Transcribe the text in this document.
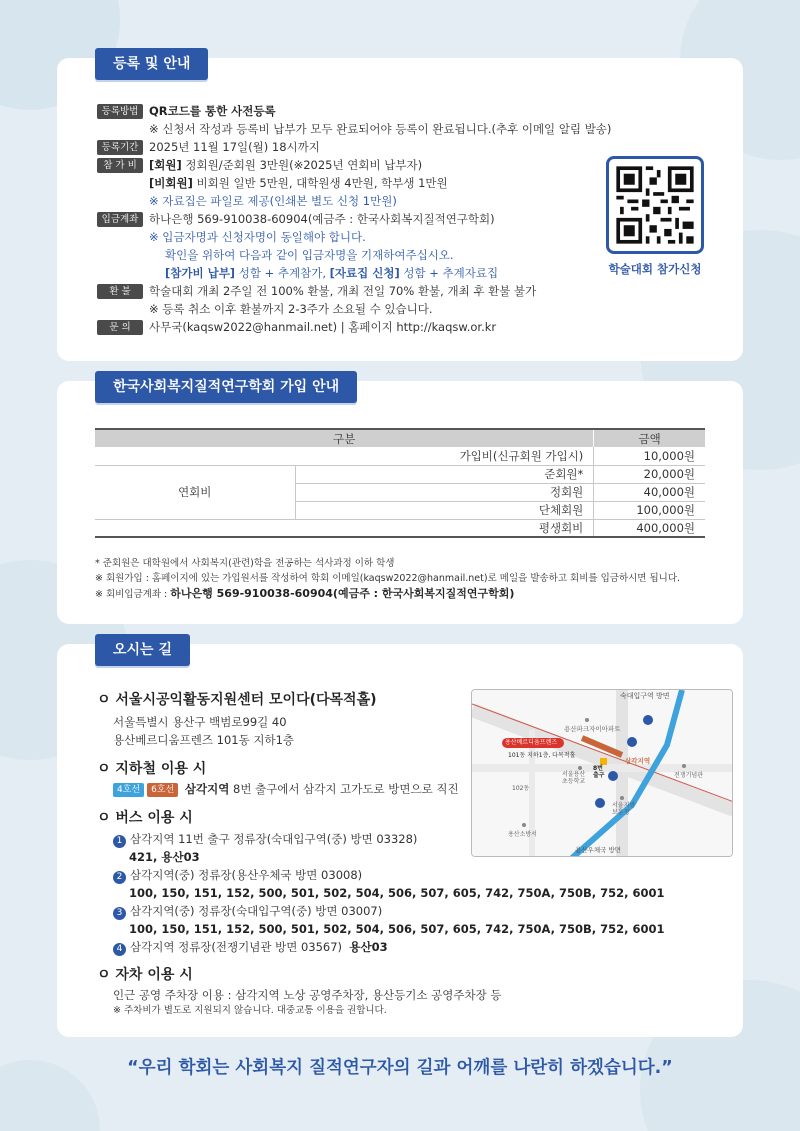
등록 및 안내
등록방법 QR코드를 통한 사전등록
※ 신청서 작성과 등록비 납부가 모두 완료되어야 등록이 완료됩니다.(추후 이메일 알림 발송)
등록기간 2025년 11월 17일(월) 18시까지
참 가 비 [회원] 정회원/준회원 3만원(※2025년 연회비 납부자)
[비회원] 비회원 일반 5만원, 대학원생 4만원, 학부생 1만원
※ 자료집은 파일로 제공(인쇄본 별도 신청 1만원)
입금계좌 하나은행 569-910038-60904(예금주 : 한국사회복지질적연구학회)
※ 입금자명과 신청자명이 동일해야 합니다.
확인을 위하여 다음과 같이 입금자명을 기재하여주십시오.
[참가비 납부] 성함 + 추계참가, [자료집 신청] 성함 + 추계자료집
환 불 학술대회 개최 2주일 전 100% 환불, 개최 전일 70% 환불, 개최 후 환불 불가
※ 등록 취소 이후 환불까지 2-3주가 소요될 수 있습니다.
문 의 사무국(kaqsw2022@hanmail.net) | 홈페이지 http://kaqsw.or.kr
학술대회 참가신청
한국사회복지질적연구학회 가입 안내
구분		금액
가입비(신규회원 가입시)		10,000원
연회비	준회원*	20,000원
	정회원	40,000원
	단체회원	100,000원
평생회비		400,000원
* 준회원은 대학원에서 사회복지(관련)학을 전공하는 석사과정 이하 학생
※ 회원가입 : 홈페이지에 있는 가입원서를 작성하여 학회 이메일(kaqsw2022@hanmail.net)로 메일을 발송하고 회비를 입금하시면 됩니다.
※ 회비입금계좌 : 하나은행 569-910038-60904(예금주 : 한국사회복지질적연구학회)
오시는 길
ㅇ 서울시공익활동지원센터 모이다(다목적홀)
서울특별시 용산구 백범로99길 40
용산베르디움프렌즈 101동 지하1층
ㅇ 지하철 이용 시
4호선 6호선 삼각지역 8번 출구에서 삼각지 고가도로 방면으로 직진
ㅇ 버스 이용 시
1 삼각지역 11번 출구 정류장(숙대입구역(중) 방면 03328)
421, 용산03
2 삼각지역(중) 정류장(용산우체국 방면 03008)
100, 150, 151, 152, 500, 501, 502, 504, 506, 507, 605, 742, 750A, 750B, 752, 6001
3 삼각지역(중) 정류장(숙대입구역(중) 방면 03007)
100, 150, 151, 152, 500, 501, 502, 504, 506, 507, 605, 742, 750A, 750B, 752, 6001
4 삼각지역 정류장(전쟁기념관 방면 03567) 용산03
ㅇ 자차 이용 시
인근 공영 주차장 이용 : 삼각지역 노상 공영주차장, 용산등기소 공영주차장 등
※ 주차비가 별도로 지원되지 않습니다. 대중교통 이용을 권합니다.
숙대입구역 방면
용산파크자이아파트
용산베르디움프렌즈
101동 지하1층, 다목적홀
서울용산
초등학교
8번
출구
삼각지역
전쟁기념관
서울지방
보훈청
102동
용산소방서
용산우체국 방면
“우리 학회는 사회복지 질적연구자의 길과 어깨를 나란히 하겠습니다.”
